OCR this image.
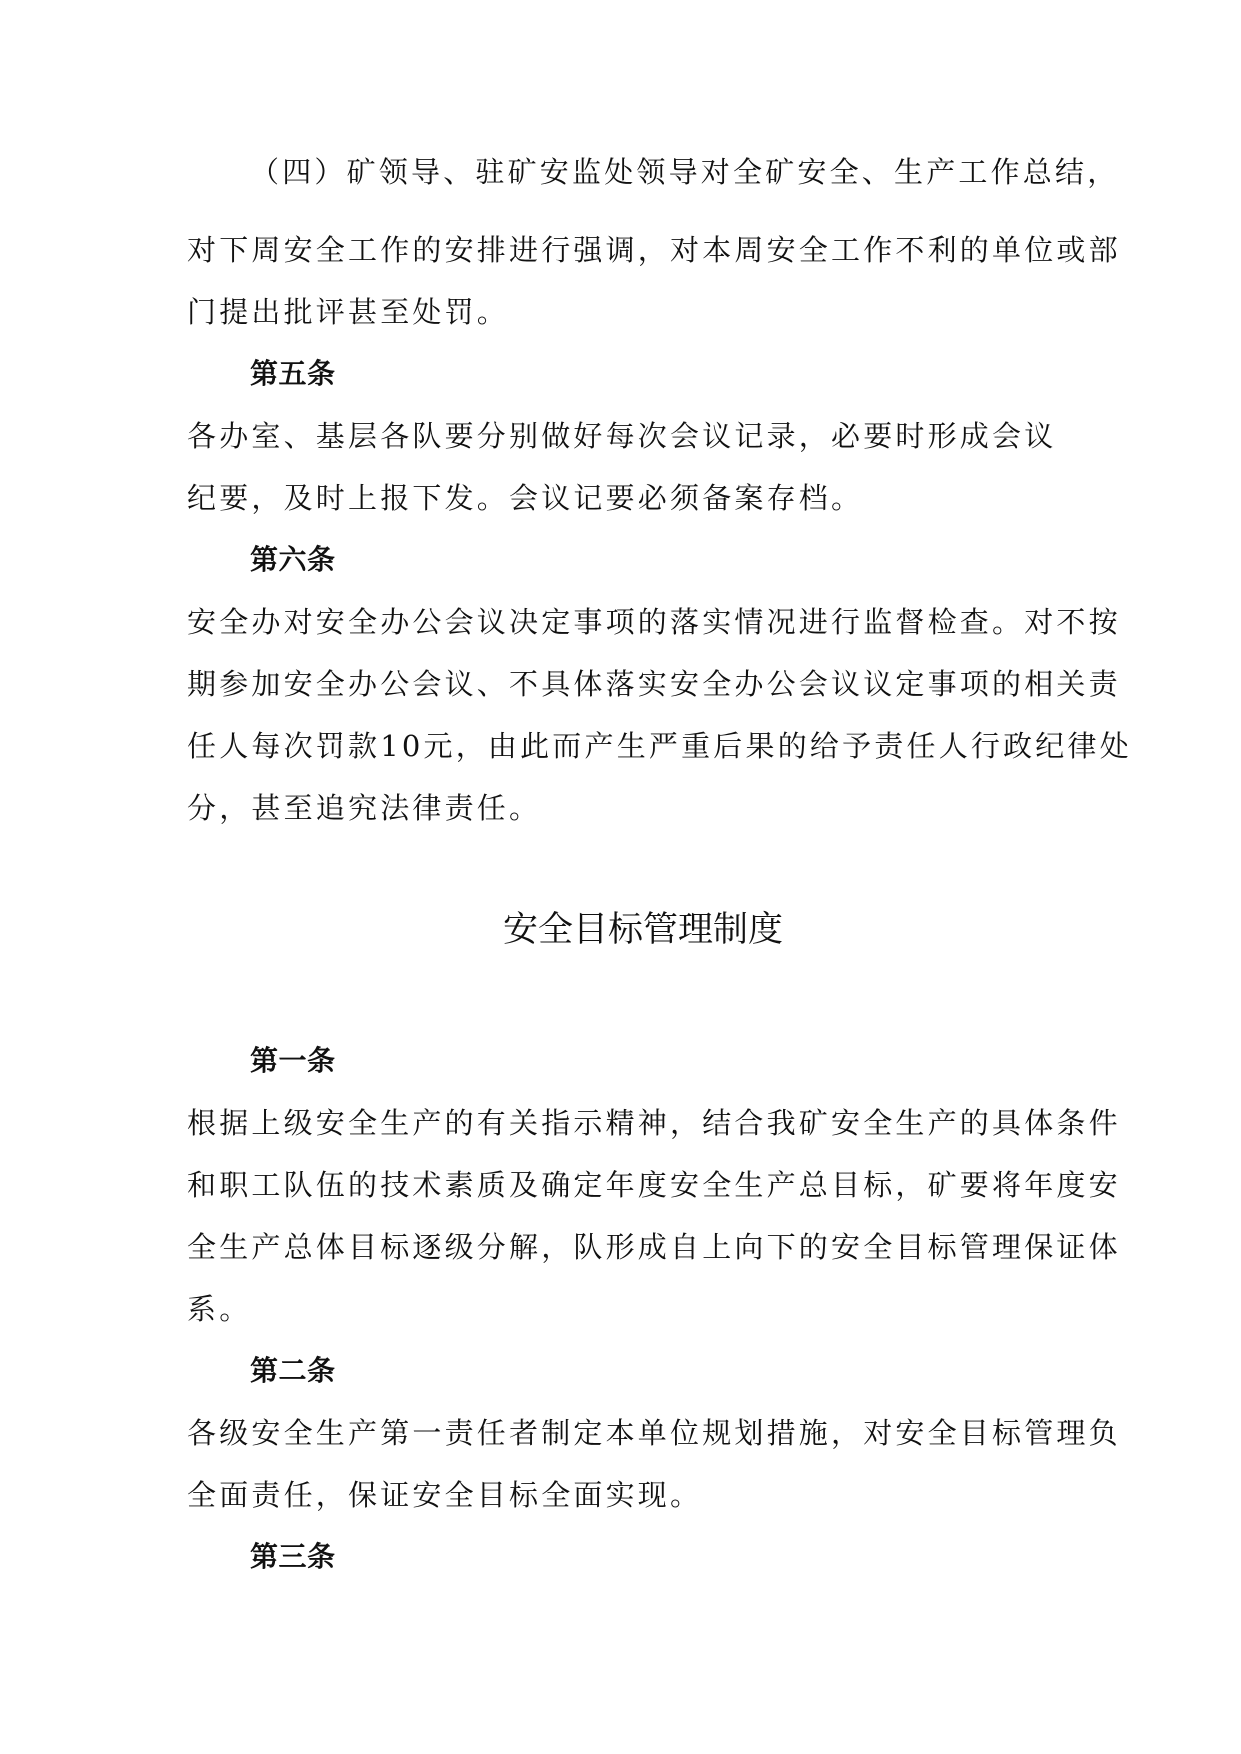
（四）矿领导、驻矿安监处领导对全矿安全、生产工作总结，
对下周安全工作的安排进行强调，对本周安全工作不利的单位或部
门提出批评甚至处罚。
第五条
各办室、基层各队要分别做好每次会议记录，必要时形成会议
纪要，及时上报下发。会议记要必须备案存档。
第六条
安全办对安全办公会议决定事项的落实情况进行监督检查。对不按
期参加安全办公会议、不具体落实安全办公会议议定事项的相关责
任人每次罚款10元，由此而产生严重后果的给予责任人行政纪律处
分，甚至追究法律责任。
安全目标管理制度
第一条
根据上级安全生产的有关指示精神，结合我矿安全生产的具体条件
和职工队伍的技术素质及确定年度安全生产总目标，矿要将年度安
全生产总体目标逐级分解，队形成自上向下的安全目标管理保证体
系。
第二条
各级安全生产第一责任者制定本单位规划措施，对安全目标管理负
全面责任，保证安全目标全面实现。
第三条
